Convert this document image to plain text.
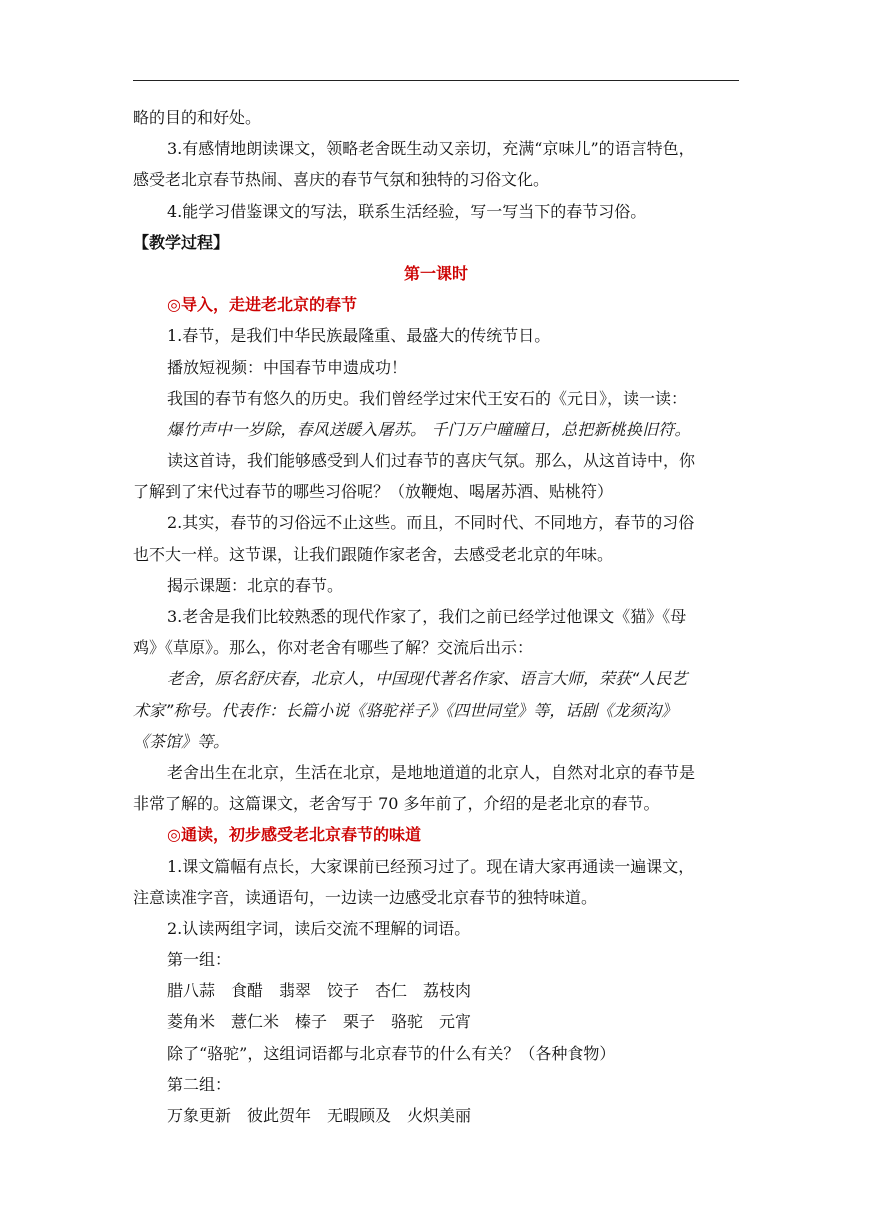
略的目的和好处。
3.有感情地朗读课文，领略老舍既生动又亲切，充满“京味儿”的语言特色，
感受老北京春节热闹、喜庆的春节气氛和独特的习俗文化。
4.能学习借鉴课文的写法，联系生活经验，写一写当下的春节习俗。
【教学过程】
第一课时
◎导入，走进老北京的春节
1.春节，是我们中华民族最隆重、最盛大的传统节日。
播放短视频：中国春节申遗成功！
我国的春节有悠久的历史。我们曾经学过宋代王安石的《元日》，读一读：
爆竹声中一岁除，春风送暖入屠苏。 千门万户曈曈日，总把新桃换旧符。
读这首诗，我们能够感受到人们过春节的喜庆气氛。那么，从这首诗中，你
了解到了宋代过春节的哪些习俗呢？（放鞭炮、喝屠苏酒、贴桃符）
2.其实，春节的习俗远不止这些。而且，不同时代、不同地方，春节的习俗
也不大一样。这节课，让我们跟随作家老舍，去感受老北京的年味。
揭示课题：北京的春节。
3.老舍是我们比较熟悉的现代作家了，我们之前已经学过他课文《猫》《母
鸡》《草原》。那么，你对老舍有哪些了解？交流后出示：
老舍，原名舒庆春，北京人，中国现代著名作家、语言大师，荣获“人民艺
术家”称号。代表作：长篇小说《骆驼祥子》《四世同堂》等，话剧《龙须沟》
《茶馆》等。
老舍出生在北京，生活在北京，是地地道道的北京人，自然对北京的春节是
非常了解的。这篇课文，老舍写于 70 多年前了，介绍的是老北京的春节。
◎通读，初步感受老北京春节的味道
1.课文篇幅有点长，大家课前已经预习过了。现在请大家再通读一遍课文，
注意读准字音，读通语句，一边读一边感受北京春节的独特味道。
2.认读两组字词，读后交流不理解的词语。
第一组：
腊八蒜　食醋　翡翠　饺子　杏仁　荔枝肉
菱角米　薏仁米　榛子　栗子　骆驼　元宵
除了“骆驼”，这组词语都与北京春节的什么有关？（各种食物）
第二组：
万象更新　彼此贺年　无暇顾及　火炽美丽
